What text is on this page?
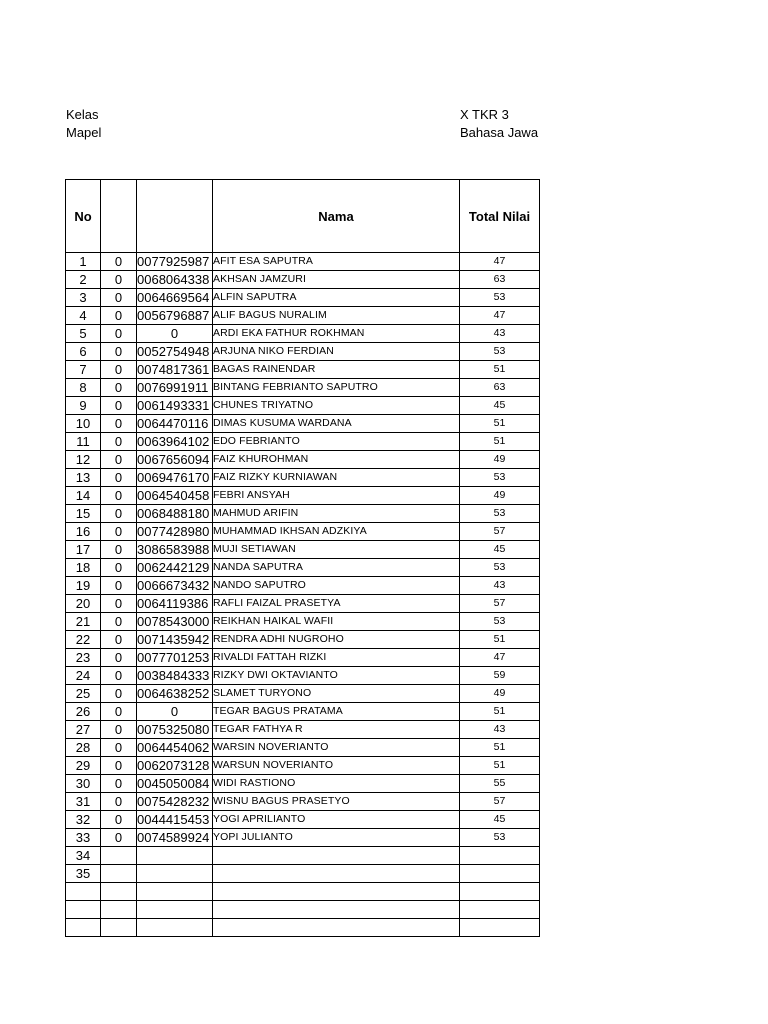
Kelas
Mapel
X TKR 3
Bahasa Jawa
No			Nama	Total Nilai
1	0	0077925987	AFIT ESA SAPUTRA	47
2	0	0068064338	AKHSAN JAMZURI	63
3	0	0064669564	ALFIN SAPUTRA	53
4	0	0056796887	ALIF BAGUS NURALIM	47
5	0	0	ARDI EKA FATHUR ROKHMAN	43
6	0	0052754948	ARJUNA NIKO FERDIAN	53
7	0	0074817361	BAGAS RAINENDAR	51
8	0	0076991911	BINTANG FEBRIANTO SAPUTRO	63
9	0	0061493331	CHUNES TRIYATNO	45
10	0	0064470116	DIMAS KUSUMA WARDANA	51
11	0	0063964102	EDO FEBRIANTO	51
12	0	0067656094	FAIZ KHUROHMAN	49
13	0	0069476170	FAIZ RIZKY KURNIAWAN	53
14	0	0064540458	FEBRI ANSYAH	49
15	0	0068488180	MAHMUD ARIFIN	53
16	0	0077428980	MUHAMMAD IKHSAN ADZKIYA	57
17	0	3086583988	MUJI SETIAWAN	45
18	0	0062442129	NANDA SAPUTRA	53
19	0	0066673432	NANDO SAPUTRO	43
20	0	0064119386	RAFLI FAIZAL PRASETYA	57
21	0	0078543000	REIKHAN HAIKAL WAFII	53
22	0	0071435942	RENDRA ADHI NUGROHO	51
23	0	0077701253	RIVALDI FATTAH RIZKI	47
24	0	0038484333	RIZKY DWI OKTAVIANTO	59
25	0	0064638252	SLAMET TURYONO	49
26	0	0	TEGAR BAGUS PRATAMA	51
27	0	0075325080	TEGAR FATHYA R	43
28	0	0064454062	WARSIN NOVERIANTO	51
29	0	0062073128	WARSUN NOVERIANTO	51
30	0	0045050084	WIDI RASTIONO	55
31	0	0075428232	WISNU BAGUS PRASETYO	57
32	0	0044415453	YOGI APRILIANTO	45
33	0	0074589924	YOPI JULIANTO	53
34				
35				
